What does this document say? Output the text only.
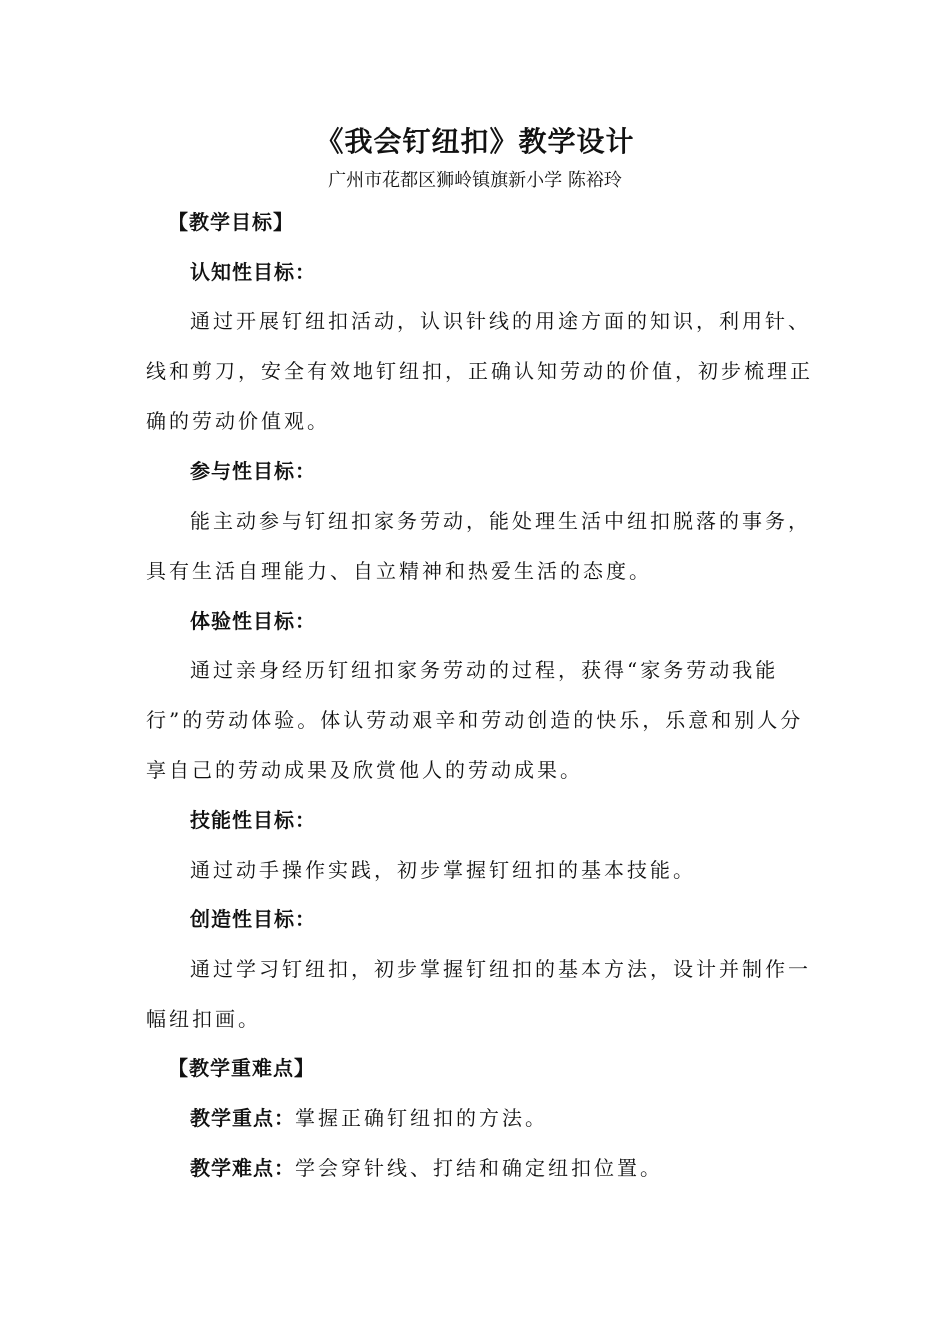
《我会钉纽扣》教学设计
广州市花都区狮岭镇旗新小学 陈裕玲
【教学目标】
认知性目标：
通过开展钉纽扣活动，认识针线的用途方面的知识，利用针、
线和剪刀，安全有效地钉纽扣，正确认知劳动的价值，初步梳理正
确的劳动价值观。
参与性目标：
能主动参与钉纽扣家务劳动，能处理生活中纽扣脱落的事务，
具有生活自理能力、自立精神和热爱生活的态度。
体验性目标：
通过亲身经历钉纽扣家务劳动的过程，获得“家务劳动我能
行”的劳动体验。体认劳动艰辛和劳动创造的快乐，乐意和别人分
享自己的劳动成果及欣赏他人的劳动成果。
技能性目标：
通过动手操作实践，初步掌握钉纽扣的基本技能。
创造性目标：
通过学习钉纽扣，初步掌握钉纽扣的基本方法，设计并制作一
幅纽扣画。
【教学重难点】
教学重点：掌握正确钉纽扣的方法。
教学难点：学会穿针线、打结和确定纽扣位置。
